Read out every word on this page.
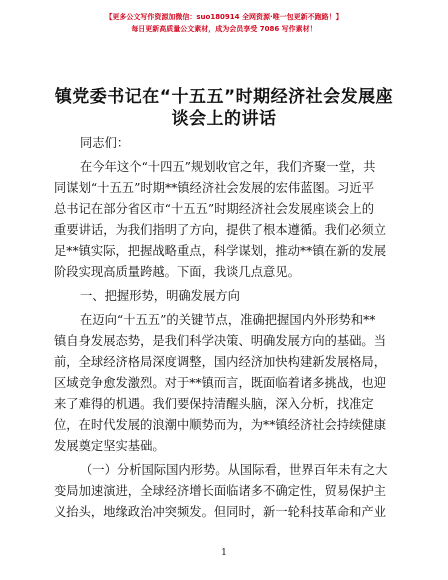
【更多公文写作资源加微信：suo180914 全网资源·唯一包更新不跑路！】
每日更新高质量公文素材，成为会员享受 7086 写作素材！
镇党委书记在“十五五”时期经济社会发展座
谈会上的讲话
同志们：
在今年这个“十四五”规划收官之年，我们齐聚一堂，共
同谋划“十五五”时期**镇经济社会发展的宏伟蓝图。习近平
总书记在部分省区市“十五五”时期经济社会发展座谈会上的
重要讲话，为我们指明了方向，提供了根本遵循。我们必须立
足**镇实际，把握战略重点，科学谋划，推动**镇在新的发展
阶段实现高质量跨越。下面，我谈几点意见。
一、把握形势，明确发展方向
在迈向“十五五”的关键节点，准确把握国内外形势和**
镇自身发展态势，是我们科学决策、明确发展方向的基础。当
前，全球经济格局深度调整，国内经济加快构建新发展格局，
区域竞争愈发激烈。对于**镇而言，既面临着诸多挑战，也迎
来了难得的机遇。我们要保持清醒头脑，深入分析，找准定
位，在时代发展的浪潮中顺势而为，为**镇经济社会持续健康
发展奠定坚实基础。
（一）分析国际国内形势。从国际看，世界百年未有之大
变局加速演进，全球经济增长面临诸多不确定性，贸易保护主
义抬头，地缘政治冲突频发。但同时，新一轮科技革命和产业
1
